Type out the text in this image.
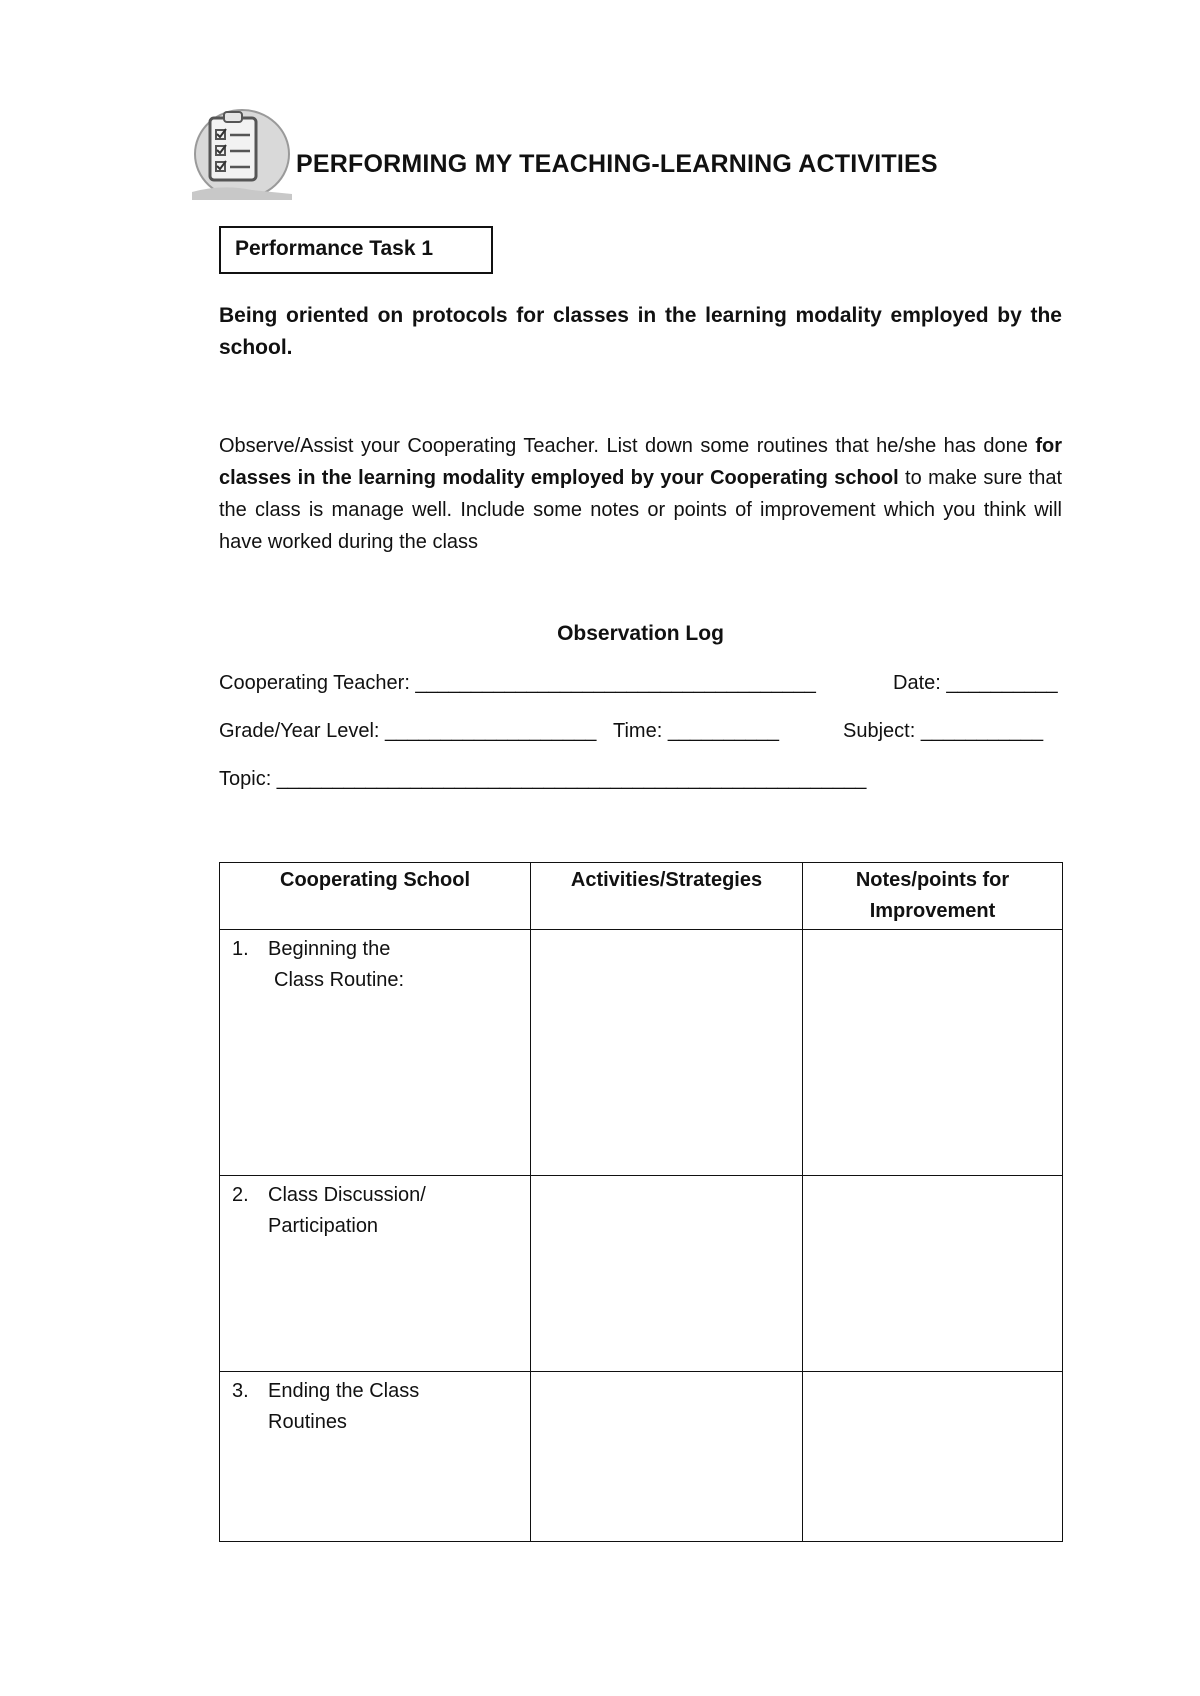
PERFORMING MY TEACHING-LEARNING ACTIVITIES
Performance Task 1
Being oriented on protocols for classes in the learning modality employed by the school.
Observe/Assist your Cooperating Teacher. List down some routines that he/she has done for classes in the learning modality employed by your Cooperating school to make sure that the class is manage well. Include some notes or points of improvement which you think will have worked during the class
Observation Log
Cooperating Teacher: ____________________________________	Date: __________
Grade/Year Level: ___________________ Time: __________	Subject: ___________
Topic: _____________________________________________________
Cooperating School	Activities/Strategies	Notes/points for Improvement

1. Beginning the
Class Routine:		

2. Class Discussion/
Participation		

3. Ending the Class
Routines		
